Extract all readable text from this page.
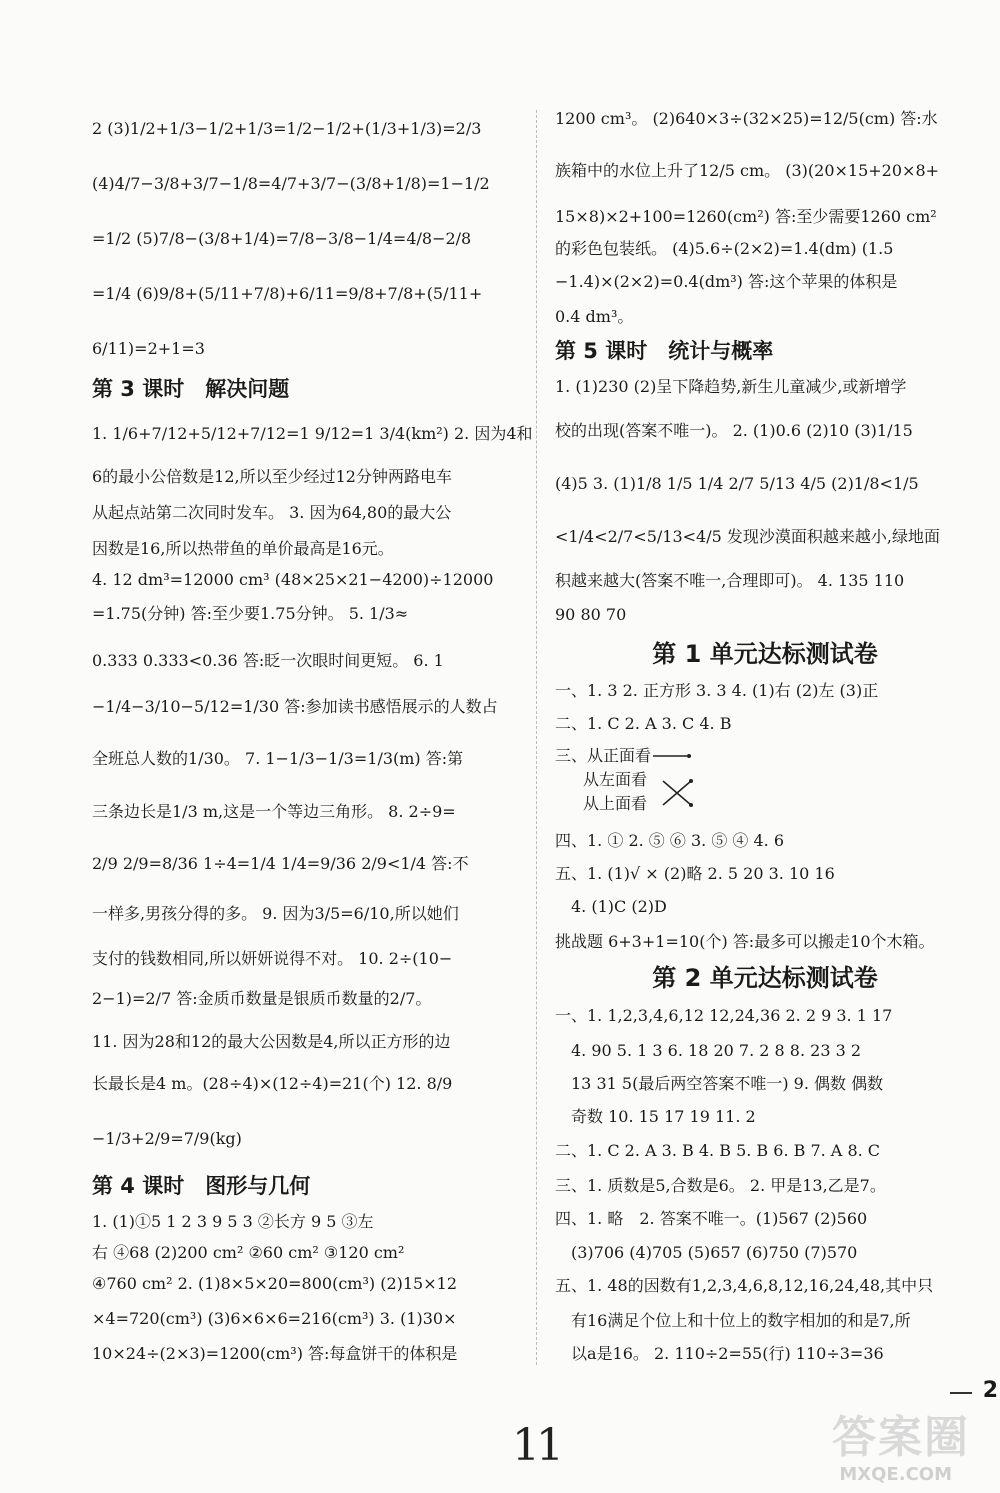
2 (3)1/2+1/3−1/2+1/3=1/2−1/2+(1/3+1/3)=2/3
(4)4/7−3/8+3/7−1/8=4/7+3/7−(3/8+1/8)=1−1/2
=1/2 (5)7/8−(3/8+1/4)=7/8−3/8−1/4=4/8−2/8
=1/4 (6)9/8+(5/11+7/8)+6/11=9/8+7/8+(5/11+
6/11)=2+1=3
第 3 课时　解决问题
1. 1/6+7/12+5/12+7/12=1 9/12=1 3/4(km²) 2. 因为4和
6的最小公倍数是12,所以至少经过12分钟两路电车
从起点站第二次同时发车。 3. 因为64,80的最大公
因数是16,所以热带鱼的单价最高是16元。
4. 12 dm³=12000 cm³ (48×25×21−4200)÷12000
=1.75(分钟) 答:至少要1.75分钟。 5. 1/3≈
0.333 0.333<0.36 答:眨一次眼时间更短。 6. 1
−1/4−3/10−5/12=1/30 答:参加读书感悟展示的人数占
全班总人数的1/30。 7. 1−1/3−1/3=1/3(m) 答:第
三条边长是1/3 m,这是一个等边三角形。 8. 2÷9=
2/9 2/9=8/36 1÷4=1/4 1/4=9/36 2/9<1/4 答:不
一样多,男孩分得的多。 9. 因为3/5=6/10,所以她们
支付的钱数相同,所以妍妍说得不对。 10. 2÷(10−
2−1)=2/7 答:金质币数量是银质币数量的2/7。
11. 因为28和12的最大公因数是4,所以正方形的边
长最长是4 m。(28÷4)×(12÷4)=21(个) 12. 8/9
−1/3+2/9=7/9(kg)
第 4 课时　图形与几何
1. (1)①5 1 2 3 9 5 3 ②长方 9 5 ③左
右 ④68 (2)200 cm² ②60 cm² ③120 cm²
④760 cm² 2. (1)8×5×20=800(cm³) (2)15×12
×4=720(cm³) (3)6×6×6=216(cm³) 3. (1)30×
10×24÷(2×3)=1200(cm³) 答:每盒饼干的体积是
1200 cm³。 (2)640×3÷(32×25)=12/5(cm) 答:水
族箱中的水位上升了12/5 cm。 (3)(20×15+20×8+
15×8)×2+100=1260(cm²) 答:至少需要1260 cm²
的彩色包装纸。 (4)5.6÷(2×2)=1.4(dm) (1.5
−1.4)×(2×2)=0.4(dm³) 答:这个苹果的体积是
0.4 dm³。
第 5 课时　统计与概率
1. (1)230 (2)呈下降趋势,新生儿童减少,或新增学
校的出现(答案不唯一)。 2. (1)0.6 (2)10 (3)1/15
(4)5 3. (1)1/8 1/5 1/4 2/7 5/13 4/5 (2)1/8<1/5
<1/4<2/7<5/13<4/5 发现沙漠面积越来越小,绿地面
积越来越大(答案不唯一,合理即可)。 4. 135 110
90 80 70
第 1 单元达标测试卷
一、1. 3 2. 正方形 3. 3 4. (1)右 (2)左 (3)正
二、1. C 2. A 3. C 4. B
三、从正面看
从左面看
从上面看
四、1. ① 2. ⑤ ⑥ 3. ⑤ ④ 4. 6
五、1. (1)√ × (2)略 2. 5 20 3. 10 16
　4. (1)C (2)D
挑战题 6+3+1=10(个) 答:最多可以搬走10个木箱。
第 2 单元达标测试卷
一、1. 1,2,3,4,6,12 12,24,36 2. 2 9 3. 1 17
　4. 90 5. 1 3 6. 18 20 7. 2 8 8. 23 3 2
　13 31 5(最后两空答案不唯一) 9. 偶数 偶数
　奇数 10. 15 17 19 11. 2
二、1. C 2. A 3. B 4. B 5. B 6. B 7. A 8. C
三、1. 质数是5,合数是6。 2. 甲是13,乙是7。
四、1. 略　2. 答案不唯一。(1)567 (2)560
　(3)706 (4)705 (5)657 (6)750 (7)570
五、1. 48的因数有1,2,3,4,6,8,12,16,24,48,其中只
　有16满足个位上和十位上的数字相加的和是7,所
　以a是16。 2. 110÷2=55(行) 110÷3=36
2
11	答案圈
MXQE.COM
